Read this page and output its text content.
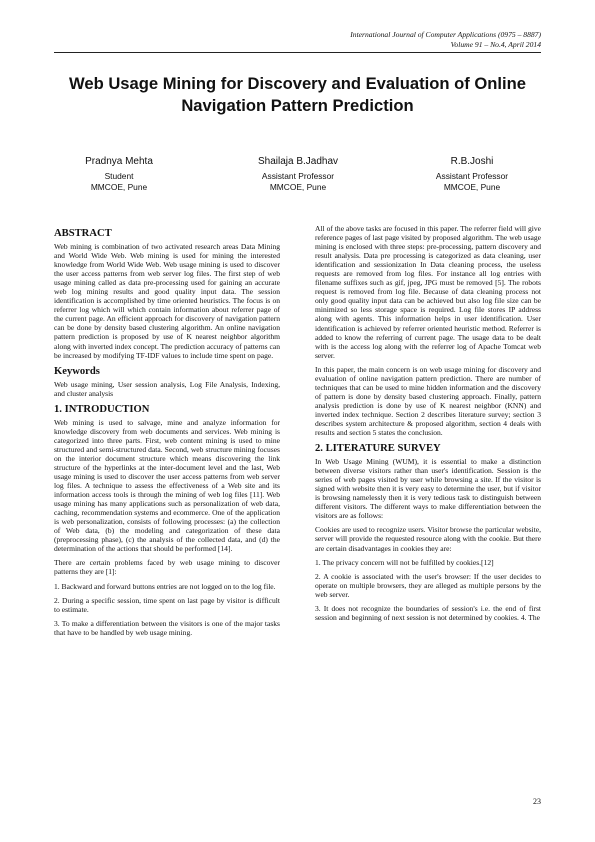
International Journal of Computer Applications (0975 – 8887)
Volume 91 – No.4, April 2014
Web Usage Mining for Discovery and Evaluation of Online Navigation Pattern Prediction
Pradnya Mehta
Student
MMCOE, Pune
Shailaja B.Jadhav
Assistant Professor
MMCOE, Pune
R.B.Joshi
Assistant Professor
MMCOE, Pune
ABSTRACT

Web mining is combination of two activated research areas Data Mining and World Wide Web. Web mining is used for mining the interested knowledge from World Wide Web. Web usage mining is used to discover the user access patterns from web server log files. The first step of web usage mining called as data pre-processing used for gaining an accurate web log mining results and good quality input data. The session identification is accomplished by time oriented heuristics. The focus is on referrer log which will which contain information about referrer page of the current page. An efficient approach for discovery of navigation pattern can be done by density based clustering algorithm. An online navigation pattern prediction is proposed by use of K nearest neighbor algorithm along with inverted index concept. The prediction accuracy of patterns can be increased by modifying TF-IDF values to include time spent on page.

Keywords

Web usage mining, User session analysis, Log File Analysis, Indexing, and cluster analysis

1. INTRODUCTION

Web mining is used to salvage, mine and analyze information for knowledge discovery from web documents and services. Web mining is categorized into three parts. First, web content mining is used to mine structured and semi-structured data. Second, web structure mining focuses on the interior document structure which means discovering the link structure of the hyperlinks at the inter-document level and the last, Web usage mining is used to discover the user access patterns from web server log files. A technique to assess the effectiveness of a Web site and its information access tools is through the mining of web log files [11]. Web usage mining has many applications such as personalization of web data, caching, recommendation systems and ecommerce. One of the application is web personalization, consists of following processes: (a) the collection of Web data, (b) the modeling and categorization of these data (preprocessing phase), (c) the analysis of the collected data, and (d) the determination of the actions that should be performed [14].

There are certain problems faced by web usage mining to discover patterns they are [1]:

1. Backward and forward buttons entries are not logged on to the log file.

2. During a specific session, time spent on last page by visitor is difficult to estimate.

3. To make a differentiation between the visitors is one of the major tasks that have to be handled by web usage mining.

All of the above tasks are focused in this paper. The referrer field will give reference pages of last page visited by proposed algorithm. The web usage mining is enclosed with three steps: pre-processing, pattern discovery and result analysis. Data pre processing is categorized as data cleaning, user identification and sessionization In Data cleaning process, the useless requests are removed from log files. For instance all log entries with filename suffixes such as gif, jpeg, JPG must be removed [5]. The robots request is removed from log file. Because of data cleaning process not only good quality input data can be achieved but also log file size can be minimized so less storage space is required. Log file stores IP address along with agents. This information helps in user identification. User identification is achieved by referrer oriented heuristic method. Referrer is added to know the referring of current page. The usage data to be dealt with is the access log along with the referrer log of Apache Tomcat web server.

In this paper, the main concern is on web usage mining for discovery and evaluation of online navigation pattern prediction. There are number of techniques that can be used to mine hidden information and the discovery of pattern is done by density based clustering approach. Finally, pattern analysis prediction is done by use of K nearest neighbor (KNN) and inverted index technique. Section 2 describes literature survey; section 3 describes system architecture & proposed algorithm, section 4 deals with results and section 5 states the conclusion.

2. LITERATURE SURVEY

In Web Usage Mining (WUM), it is essential to make a distinction between diverse visitors rather than user's identification. Session is the series of web pages visited by user while browsing a site. If the visitor is signed with website then it is very easy to determine the user, but if visitor is browsing namelessly then it is very tedious task to distinguish between different visitors. The different ways to make differentiation between the visitors are as follows:

Cookies are used to recognize users. Visitor browse the particular website, server will provide the requested resource along with the cookie. But there are certain disadvantages in cookies they are:

1. The privacy concern will not be fulfilled by cookies.[12]

2. A cookie is associated with the user's browser: If the user decides to operate on multiple browsers, they are alleged as multiple persons by the web server.

3. It does not recognize the boundaries of session's i.e. the end of first session and beginning of next session is not determined by cookies. 4. The

23
